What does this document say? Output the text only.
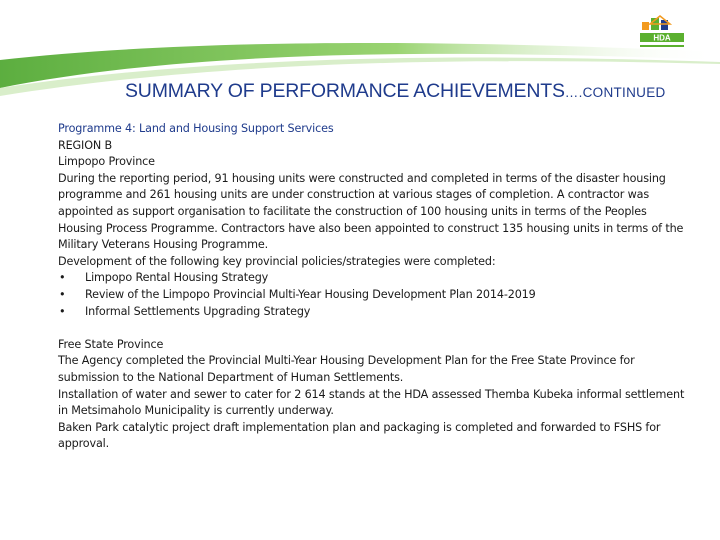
HDA
SUMMARY OF PERFORMANCE ACHIEVEMENTS….CONTINUED

Programme 4: Land and Housing Support Services

REGION B

Limpopo Province

During the reporting period, 91 housing units were constructed and completed in terms of the disaster housing programme and 261 housing units are under construction at various stages of completion. A contractor was appointed as support organisation to facilitate the construction of 100 housing units in terms of the Peoples Housing Process Programme. Contractors have also been appointed to construct 135 housing units in terms of the Military Veterans Housing Programme.

Development of the following key provincial policies/strategies were completed:

• Limpopo Rental Housing Strategy
• Review of the Limpopo Provincial Multi-Year Housing Development Plan 2014-2019
• Informal Settlements Upgrading Strategy

Free State Province

The Agency completed the Provincial Multi-Year Housing Development Plan for the Free State Province for submission to the National Department of Human Settlements.

Installation of water and sewer to cater for 2 614 stands at the HDA assessed Themba Kubeka informal settlement in Metsimaholo Municipality is currently underway.

Baken Park catalytic project draft implementation plan and packaging is completed and forwarded to FSHS for approval.
